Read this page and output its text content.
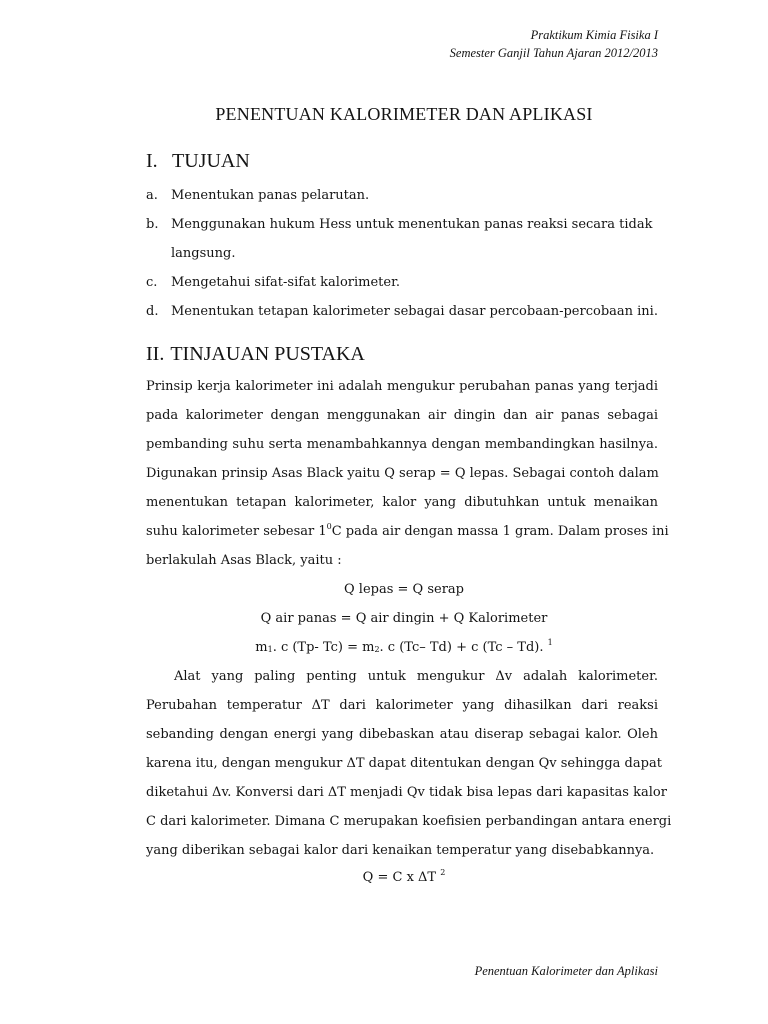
Praktikum Kimia Fisika I
Semester Ganjil Tahun Ajaran 2012/2013
PENENTUAN KALORIMETER DAN APLIKASI
I. TUJUAN
a. Menentukan panas pelarutan.
b. Menggunakan hukum Hess untuk menentukan panas reaksi secara tidak
langsung.
c. Mengetahui sifat-sifat kalorimeter.
d. Menentukan tetapan kalorimeter sebagai dasar percobaan-percobaan ini.
II. TINJAUAN PUSTAKA
Prinsip kerja kalorimeter ini adalah mengukur perubahan panas yang terjadi
pada kalorimeter dengan menggunakan air dingin dan air panas sebagai
pembanding suhu serta menambahkannya dengan membandingkan hasilnya.
Digunakan prinsip Asas Black yaitu Q serap = Q lepas. Sebagai contoh dalam
menentukan tetapan kalorimeter, kalor yang dibutuhkan untuk menaikan
suhu kalorimeter sebesar $1^0C$ pada air dengan massa 1 gram. Dalam proses ini
berlakulah Asas Black, yaitu :
Q lepas = Q serap
Q air panas = Q air dingin + Q Kalorimeter
$m_1$. c (Tp- $Tc) = m_2$. c (Tc– Td) + c (Tc – Td). $^1$
Alat yang paling penting untuk mengukur Δv adalah kalorimeter.
Perubahan temperatur ΔT dari kalorimeter yang dihasilkan dari reaksi
sebanding dengan energi yang dibebaskan atau diserap sebagai kalor. Oleh
karena itu, dengan mengukur ΔT dapat ditentukan dengan Qv sehingga dapat
diketahui Δv. Konversi dari ΔT menjadi Qv tidak bisa lepas dari kapasitas kalor
C dari kalorimeter. Dimana C merupakan koefisien perbandingan antara energi
yang diberikan sebagai kalor dari kenaikan temperatur yang disebabkannya.
Q = C x ΔT $^2$
Penentuan Kalorimeter dan Aplikasi
